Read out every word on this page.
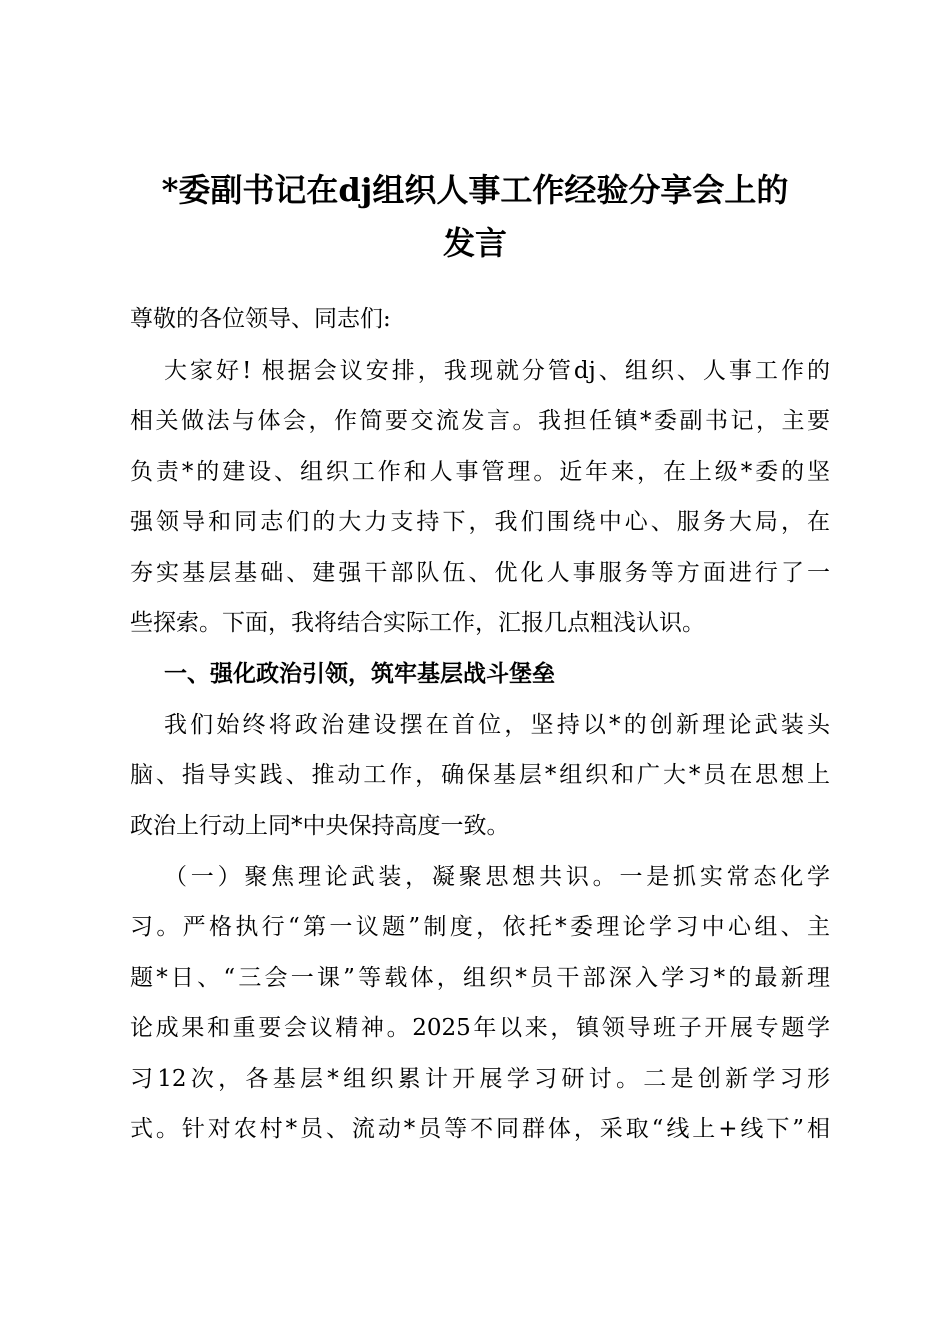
*委副书记在dj组织人事工作经验分享会上的
发言

尊敬的各位领导、同志们:

大家好! 根据会议安排，我现就分管dj、组织、人事工作的

相关做法与体会，作简要交流发言。我担任镇*委副书记，主要

负责*的建设、组织工作和人事管理。近年来，在上级*委的坚

强领导和同志们的大力支持下，我们围绕中心、服务大局，在

夯实基层基础、建强干部队伍、优化人事服务等方面进行了一

些探索。下面，我将结合实际工作，汇报几点粗浅认识。

一、强化政治引领，筑牢基层战斗堡垒

我们始终将政治建设摆在首位，坚持以*的创新理论武装头

脑、指导实践、推动工作，确保基层*组织和广大*员在思想上

政治上行动上同*中央保持高度一致。

（一）聚焦理论武装，凝聚思想共识。一是抓实常态化学

习。严格执行“第一议题”制度，依托*委理论学习中心组、主

题*日、“三会一课”等载体，组织*员干部深入学习*的最新理

论成果和重要会议精神。2025年以来，镇领导班子开展专题学

习12次，各基层*组织累计开展学习研讨。二是创新学习形

式。针对农村*员、流动*员等不同群体，采取“线上+线下”相
